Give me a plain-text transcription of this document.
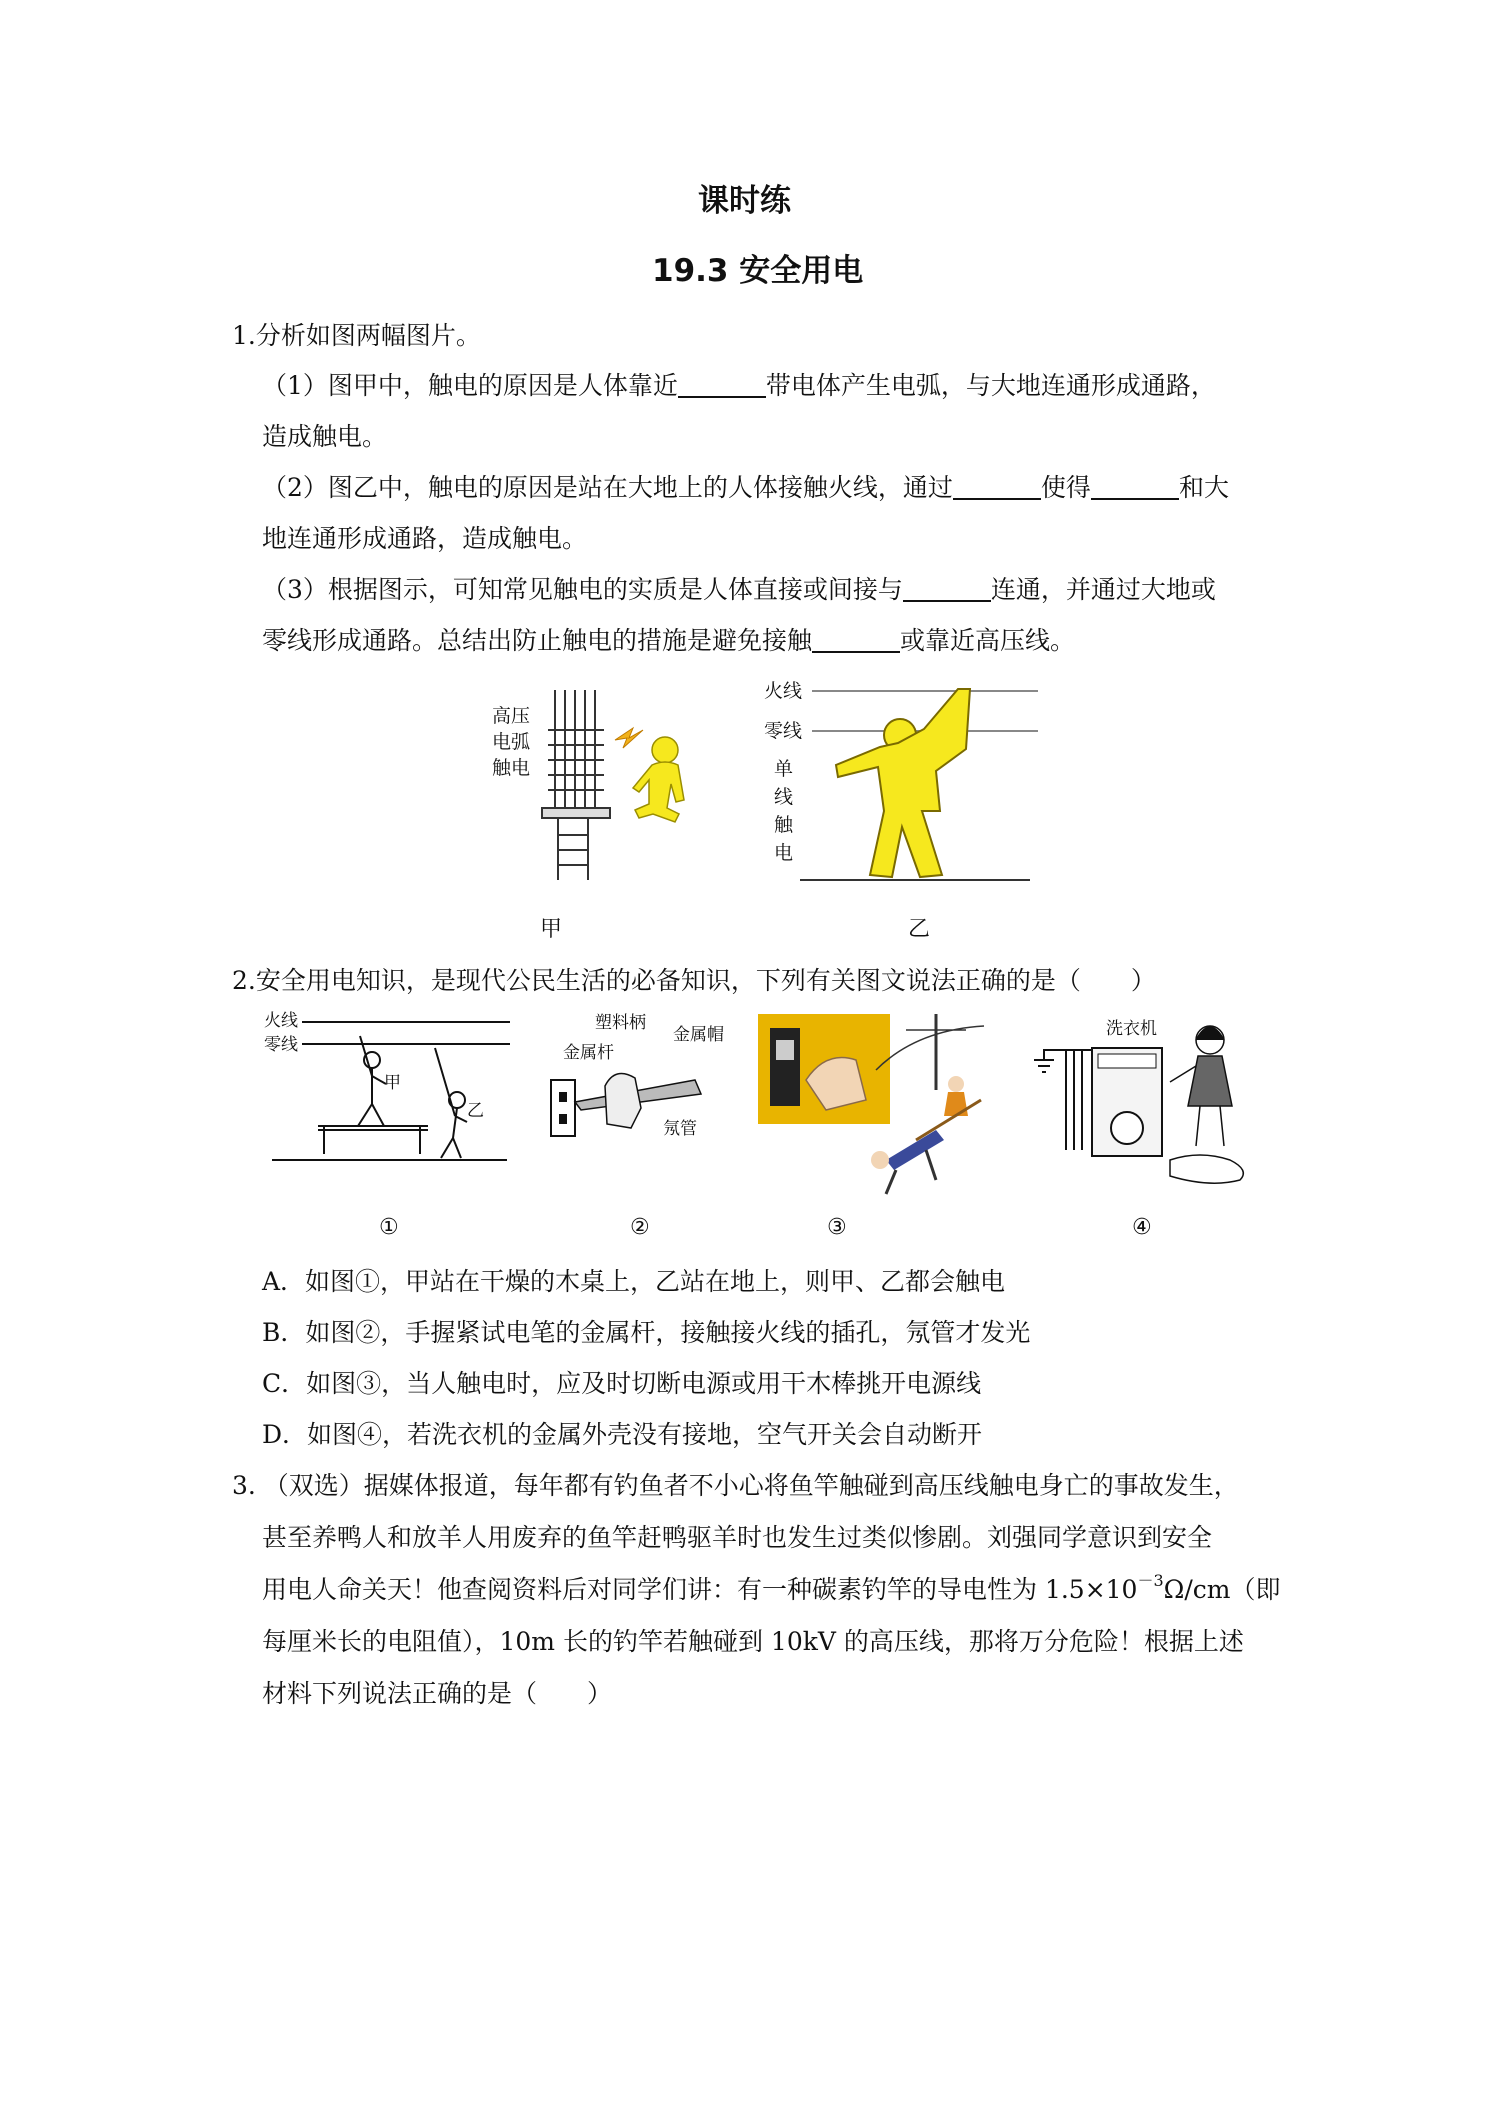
课时练
19.3 安全用电
1.分析如图两幅图片。
（1）图甲中，触电的原因是人体靠近	带电体产生电弧，与大地连通形成通路，
造成触电。
（2）图乙中，触电的原因是站在大地上的人体接触火线，通过	使得	和大
地连通形成通路，造成触电。
（3）根据图示，可知常见触电的实质是人体直接或间接与	连通，并通过大地或
零线形成通路。总结出防止触电的措施是避免接触	或靠近高压线。
高压
电弧
触电
甲
火线
零线
单
线
触
电
乙
2.安全用电知识，是现代公民生活的必备知识，下列有关图文说法正确的是（　　）
火线
零线
甲
乙
塑料柄
金属杆
金属帽
氖管
洗衣机
①	②	③	④
A．如图①，甲站在干燥的木桌上，乙站在地上，则甲、乙都会触电
B．如图②，手握紧试电笔的金属杆，接触接火线的插孔，氖管才发光
C．如图③，当人触电时，应及时切断电源或用干木棒挑开电源线
D．如图④，若洗衣机的金属外壳没有接地，空气开关会自动断开
3. （双选）据媒体报道，每年都有钓鱼者不小心将鱼竿触碰到高压线触电身亡的事故发生，
甚至养鸭人和放羊人用废弃的鱼竿赶鸭驱羊时也发生过类似惨剧。刘强同学意识到安全
用电人命关天！他查阅资料后对同学们讲：有一种碳素钓竿的导电性为 $1.5\times 10^{-3}\Omega/cm$（即
每厘米长的电阻值），10m 长的钓竿若触碰到 10kV 的高压线，那将万分危险！根据上述
材料下列说法正确的是（　　）
